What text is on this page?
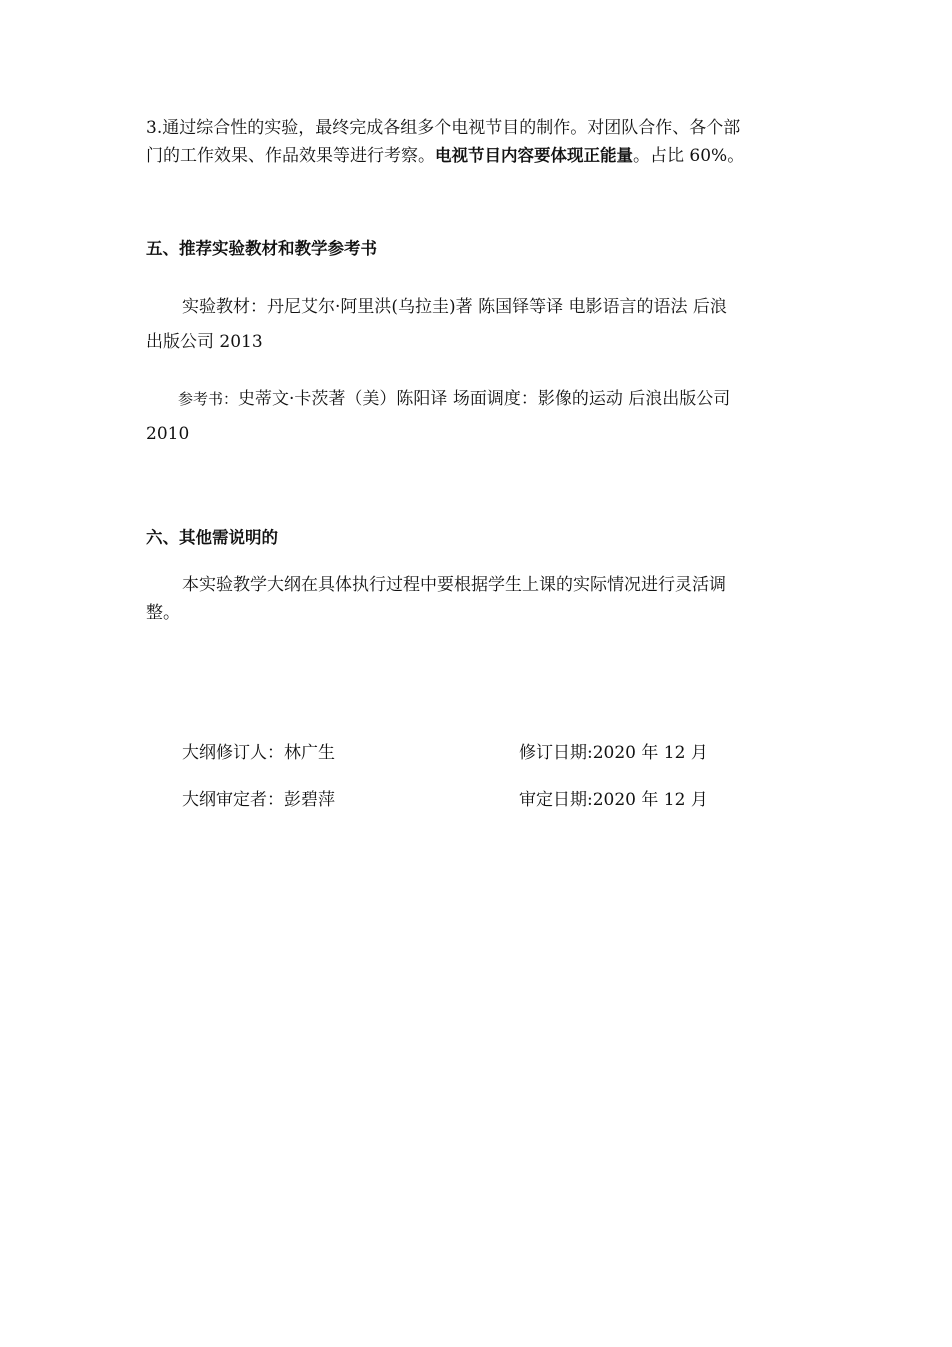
3.通过综合性的实验，最终完成各组多个电视节目的制作。对团队合作、各个部
门的工作效果、作品效果等进行考察。电视节目内容要体现正能量。占比 60%。
五、推荐实验教材和教学参考书
实验教材：丹尼艾尔·阿里洪(乌拉圭)著 陈国铎等译 电影语言的语法 后浪
出版公司 2013
参考书：史蒂文·卡茨著（美）陈阳译 场面调度：影像的运动 后浪出版公司
2010
六、其他需说明的
本实验教学大纲在具体执行过程中要根据学生上课的实际情况进行灵活调
整。
大纲修订人：林广生	修订日期:2020 年 12 月
大纲审定者：彭碧萍	审定日期:2020 年 12 月
